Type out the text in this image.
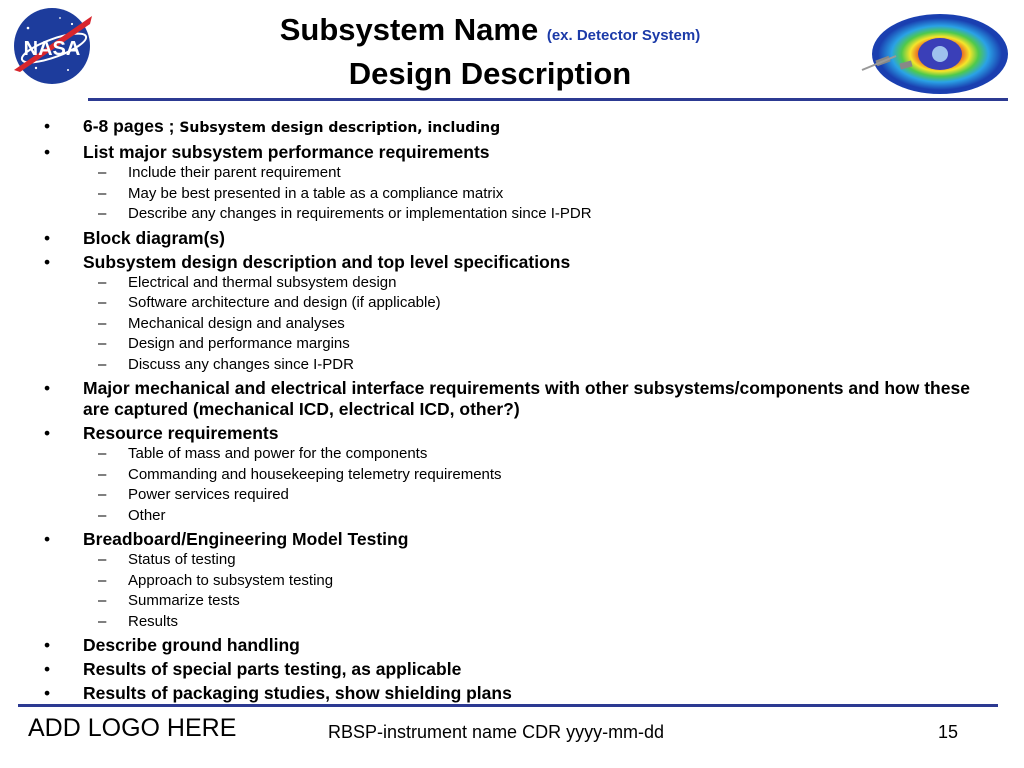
NASA
Subsystem Name (ex. Detector System)
Design Description
• 6-8 pages ; Subsystem design description, including
• List major subsystem performance requirements
– Include their parent requirement
– May be best presented in a table as a compliance matrix
– Describe any changes in requirements or implementation since I-PDR
• Block diagram(s)
• Subsystem design description and top level specifications
– Electrical and thermal subsystem design
– Software architecture and design (if applicable)
– Mechanical design and analyses
– Design and performance margins
– Discuss any changes since I-PDR
• Major mechanical and electrical interface requirements with other subsystems/components and how these are captured (mechanical ICD, electrical ICD, other?)
• Resource requirements
– Table of mass and power for the components
– Commanding and housekeeping telemetry requirements
– Power services required
– Other
• Breadboard/Engineering Model Testing
– Status of testing
– Approach to subsystem testing
– Summarize tests
– Results
• Describe ground handling
• Results of special parts testing, as applicable
• Results of packaging studies, show shielding plans
ADD LOGO HERE	RBSP-instrument name CDR yyyy-mm-dd	15
